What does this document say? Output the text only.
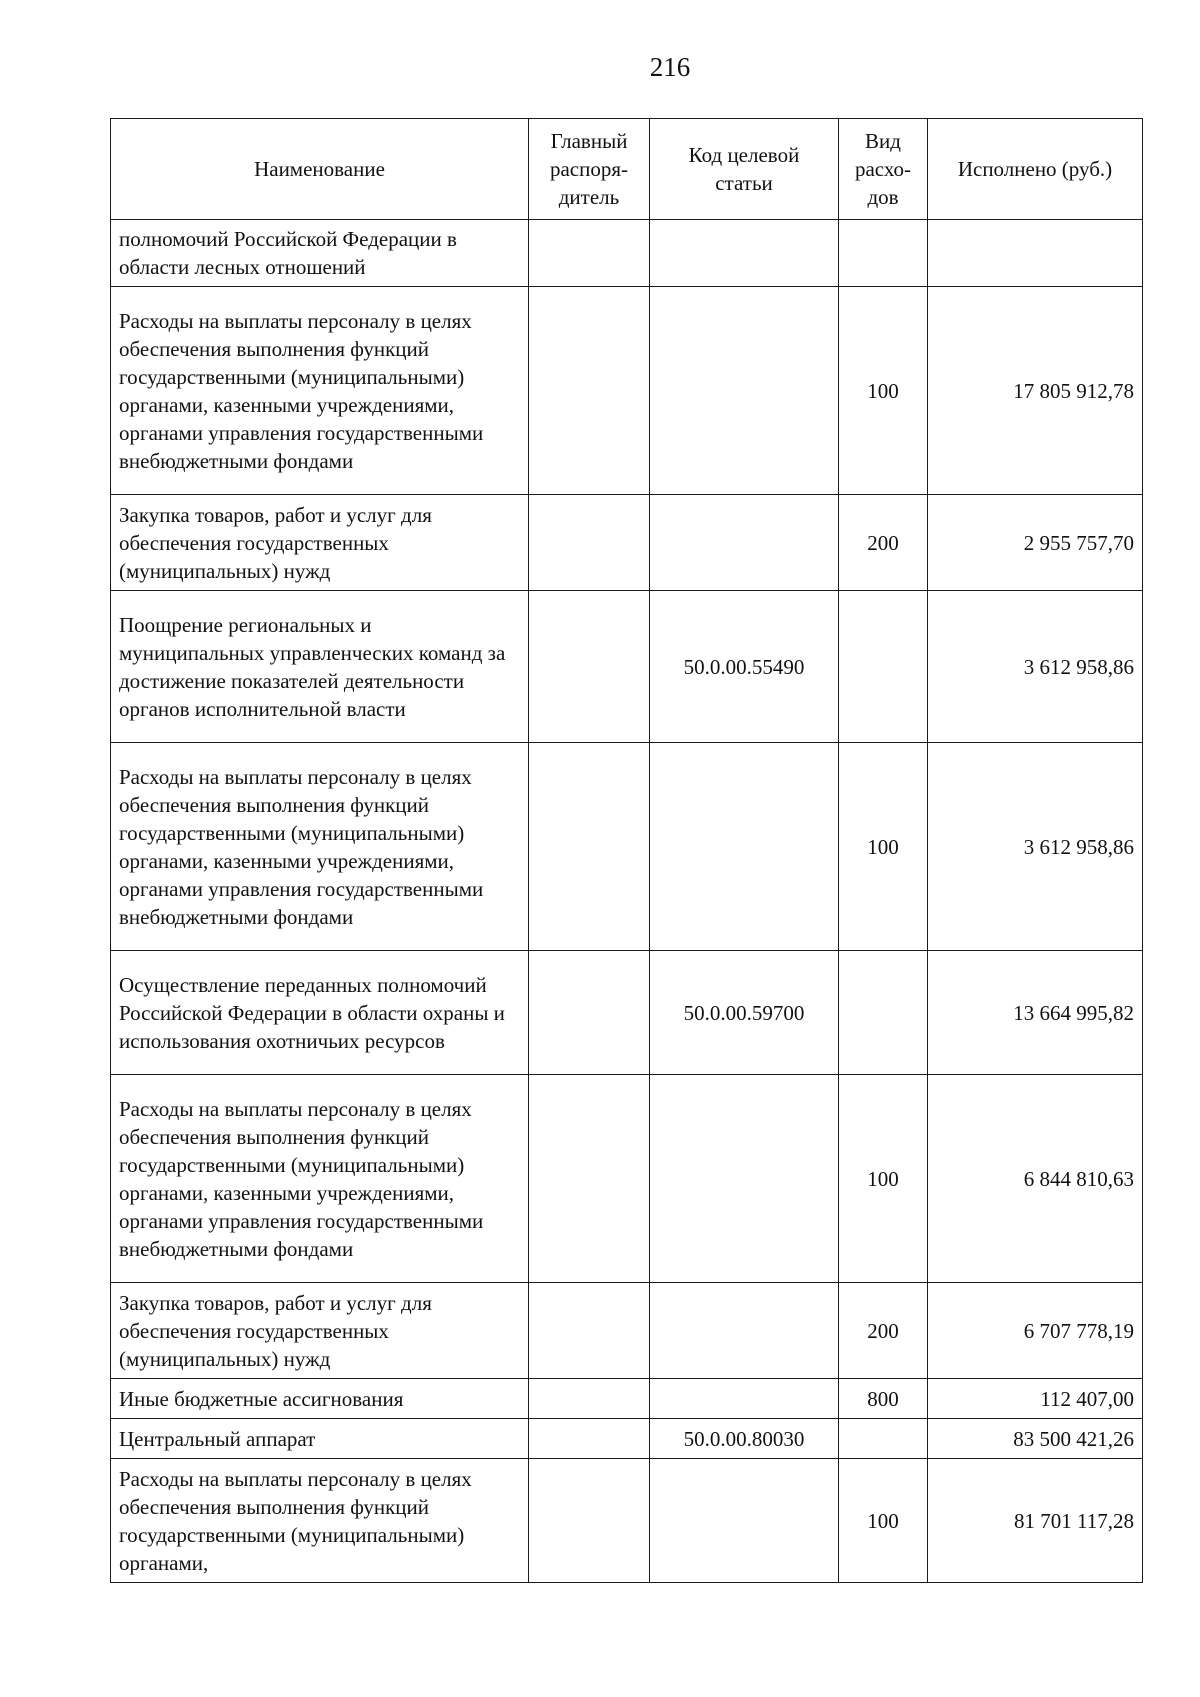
216
Наименование	Главный распоря-дитель	Код целевой статьи	Вид расхо-дов	Исполнено (руб.)
полномочий Российской Федерации в области лесных отношений				
Расходы на выплаты персоналу в целях обеспечения выполнения функций государственными (муниципальными) органами, казенными учреждениями, органами управления государственными внебюджетными фондами			100	17 805 912,78
Закупка товаров, работ и услуг для обеспечения государственных (муниципальных) нужд			200	2 955 757,70
Поощрение региональных и муниципальных управленческих команд за достижение показателей деятельности органов исполнительной власти		50.0.00.55490		3 612 958,86
Расходы на выплаты персоналу в целях обеспечения выполнения функций государственными (муниципальными) органами, казенными учреждениями, органами управления государственными внебюджетными фондами			100	3 612 958,86
Осуществление переданных полномочий Российской Федерации в области охраны и использования охотничьих ресурсов		50.0.00.59700		13 664 995,82
Расходы на выплаты персоналу в целях обеспечения выполнения функций государственными (муниципальными) органами, казенными учреждениями, органами управления государственными внебюджетными фондами			100	6 844 810,63
Закупка товаров, работ и услуг для обеспечения государственных (муниципальных) нужд			200	6 707 778,19
Иные бюджетные ассигнования			800	112 407,00
Центральный аппарат		50.0.00.80030		83 500 421,26
Расходы на выплаты персоналу в целях обеспечения выполнения функций государственными (муниципальными) органами,			100	81 701 117,28
